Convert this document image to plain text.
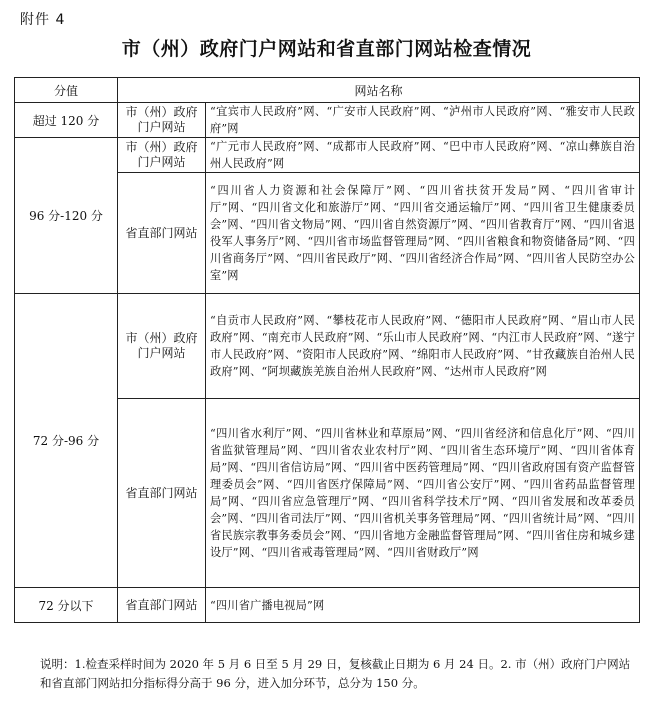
附件 4
市（州）政府门户网站和省直部门网站检查情况
分值	网站名称	
超过 120 分	市（州）政府门户网站	“宜宾市人民政府”网、“广安市人民政府”网、“泸州市人民政府”网、“雅安市人民政府”网
96 分-120 分	市（州）政府门户网站	“广元市人民政府”网、“成都市人民政府”网、“巴中市人民政府”网、“凉山彝族自治州人民政府”网
	省直部门网站	“四川省人力资源和社会保障厅”网、“四川省扶贫开发局”网、“四川省审计厅”网、“四川省文化和旅游厅”网、“四川省交通运输厅”网、“四川省卫生健康委员会”网、“四川省文物局”网、“四川省自然资源厅”网、“四川省教育厅”网、“四川省退役军人事务厅”网、“四川省市场监督管理局”网、“四川省粮食和物资储备局”网、“四川省商务厅”网、“四川省民政厅”网、“四川省经济合作局”网、“四川省人民防空办公室”网
72 分-96 分	市（州）政府门户网站	“自贡市人民政府”网、“攀枝花市人民政府”网、“德阳市人民政府”网、“眉山市人民政府”网、“南充市人民政府”网、“乐山市人民政府”网、“内江市人民政府”网、“遂宁市人民政府”网、“资阳市人民政府”网、“绵阳市人民政府”网、“甘孜藏族自治州人民政府”网、“阿坝藏族羌族自治州人民政府”网、“达州市人民政府”网
	省直部门网站	“四川省水利厅”网、“四川省林业和草原局”网、“四川省经济和信息化厅”网、“四川省监狱管理局”网、“四川省农业农村厅”网、“四川省生态环境厅”网、“四川省体育局”网、“四川省信访局”网、“四川省中医药管理局”网、“四川省政府国有资产监督管理委员会”网、“四川省医疗保障局”网、“四川省公安厅”网、“四川省药品监督管理局”网、“四川省应急管理厅”网、“四川省科学技术厅”网、“四川省发展和改革委员会”网、“四川省司法厅”网、“四川省机关事务管理局”网、“四川省统计局”网、“四川省民族宗教事务委员会”网、“四川省地方金融监督管理局”网、“四川省住房和城乡建设厅”网、“四川省戒毒管理局”网、“四川省财政厅”网
72 分以下	省直部门网站	“四川省广播电视局”网
说明：1.检查采样时间为 2020 年 5 月 6 日至 5 月 29 日，复核截止日期为 6 月 24 日。2. 市（州）政府门户网站和省直部门网站扣分指标得分高于 96 分，进入加分环节，总分为 150 分。
